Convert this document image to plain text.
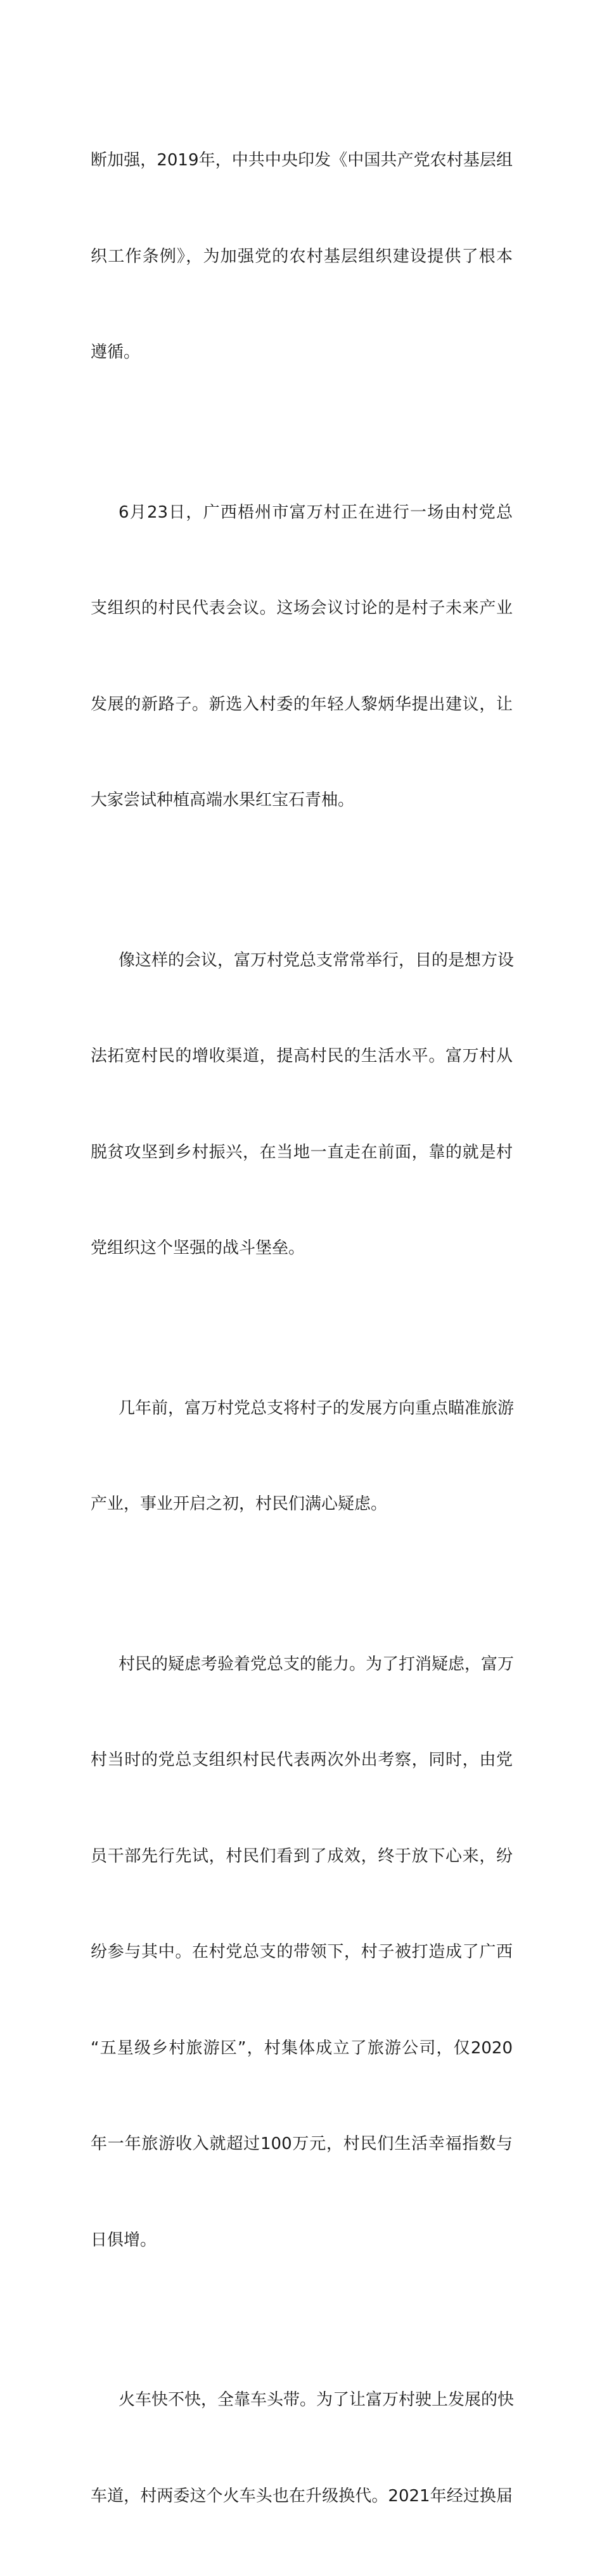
断加强，2019年，中共中央印发《中国共产党农村基层组

织工作条例》，为加强党的农村基层组织建设提供了根本

遵循。

6月23日，广西梧州市富万村正在进行一场由村党总

支组织的村民代表会议。这场会议讨论的是村子未来产业

发展的新路子。新选入村委的年轻人黎炳华提出建议，让

大家尝试种植高端水果红宝石青柚。

像这样的会议，富万村党总支常常举行，目的是想方设

法拓宽村民的增收渠道，提高村民的生活水平。富万村从

脱贫攻坚到乡村振兴，在当地一直走在前面，靠的就是村

党组织这个坚强的战斗堡垒。

几年前，富万村党总支将村子的发展方向重点瞄准旅游

产业，事业开启之初，村民们满心疑虑。

村民的疑虑考验着党总支的能力。为了打消疑虑，富万

村当时的党总支组织村民代表两次外出考察，同时，由党

员干部先行先试，村民们看到了成效，终于放下心来，纷

纷参与其中。在村党总支的带领下，村子被打造成了广西

“五星级乡村旅游区”，村集体成立了旅游公司，仅2020

年一年旅游收入就超过100万元，村民们生活幸福指数与

日俱增。

火车快不快，全靠车头带。为了让富万村驶上发展的快

车道，村两委这个火车头也在升级换代。2021年经过换届
